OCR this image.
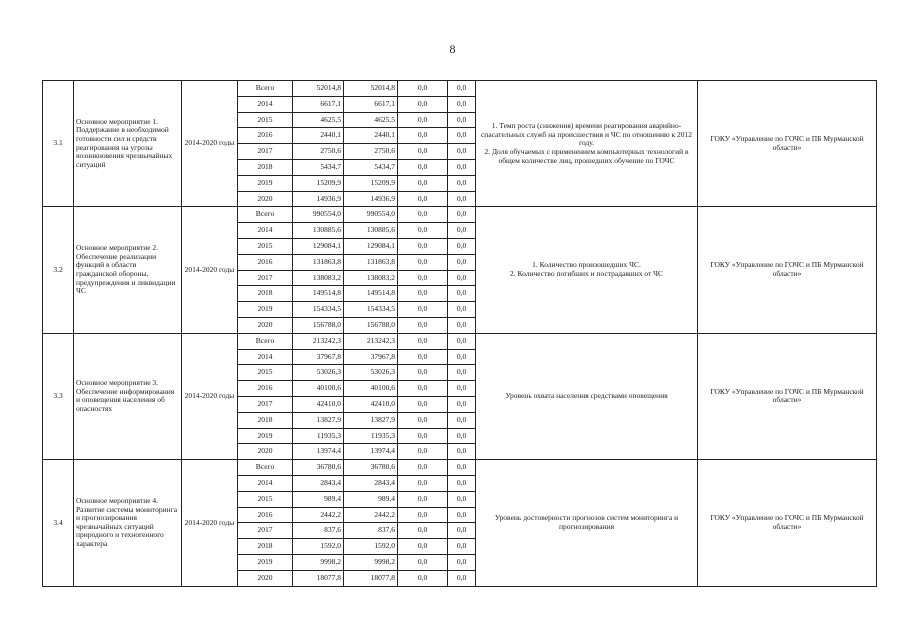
8
3.1	Основное мероприятие 1. Поддержание в необходимой готовности сил и средств реагирования на угрозы возникновения чрезвычайных ситуаций	2014-2020 годы	Всего	52014,8	52014,8	0,0	0,0	1. Темп роста (снижения) времени реагирования аварийно-спасательных служб на происшествия и ЧС по отношению к 2012 году.
2. Доля обучаемых с применением компьютерных технологий в общем количестве лиц, прошедших обучение по ГОЧС	ГОКУ «Управление по ГОЧС и ПБ Мурманской области»
			2014	6617,1	6617,1	0,0	0,0		
			2015	4625,5	4625,5	0,0	0,0		
			2016	2440,1	2440,1	0,0	0,0		
			2017	2750,6	2750,6	0,0	0,0		
			2018	5434,7	5434,7	0,0	0,0		
			2019	15209,9	15209,9	0,0	0,0		
			2020	14936,9	14936,9	0,0	0,0		
3.2	Основное мероприятие 2. Обеспечение реализации функций в области гражданской обороны, предупреждения и ликвидации ЧС	2014-2020 годы	Всего	990554,0	990554,0	0,0	0,0	1. Количество произошедших ЧС.
2. Количество погибших и пострадавших от ЧС	ГОКУ «Управление по ГОЧС и ПБ Мурманской области»
			2014	130885,6	130885,6	0,0	0,0		
			2015	129084,1	129084,1	0,0	0,0		
			2016	131863,8	131863,8	0,0	0,0		
			2017	138083,2	138083,2	0,0	0,0		
			2018	149514,8	149514,8	0,0	0,0		
			2019	154334,5	154334,5	0,0	0,0		
			2020	156788,0	156788,0	0,0	0,0		
3.3	Основное мероприятие 3. Обеспечение информирования и оповещения населения об опасностях	2014-2020 годы	Всего	213242,3	213242,3	0,0	0,0	Уровень охвата населения средствами оповещения	ГОКУ «Управление по ГОЧС и ПБ Мурманской области»
			2014	37967,8	37967,8	0,0	0,0		
			2015	53026,3	53026,3	0,0	0,0		
			2016	40100,6	40100,6	0,0	0,0		
			2017	42410,0	42410,0	0,0	0,0		
			2018	13827,9	13827,9	0,0	0,0		
			2019	11935,3	11935,3	0,0	0,0		
			2020	13974,4	13974,4	0,0	0,0		
3.4	Основное мероприятие 4. Развитие системы мониторинга и прогнозирования чрезвычайных ситуаций природного и техногенного характера	2014-2020 годы	Всего	36780,6	36780,6	0,0	0,0	Уровень достоверности прогнозов систем мониторинга и прогнозирования	ГОКУ «Управление по ГОЧС и ПБ Мурманской области»
			2014	2843,4	2843,4	0,0	0,0		
			2015	989,4	989,4	0,0	0,0		
			2016	2442,2	2442,2	0,0	0,0		
			2017	837,6	837,6	0,0	0,0		
			2018	1592,0	1592,0	0,0	0,0		
			2019	9998,2	9998,2	0,0	0,0		
			2020	18077,8	18077,8	0,0	0,0		
